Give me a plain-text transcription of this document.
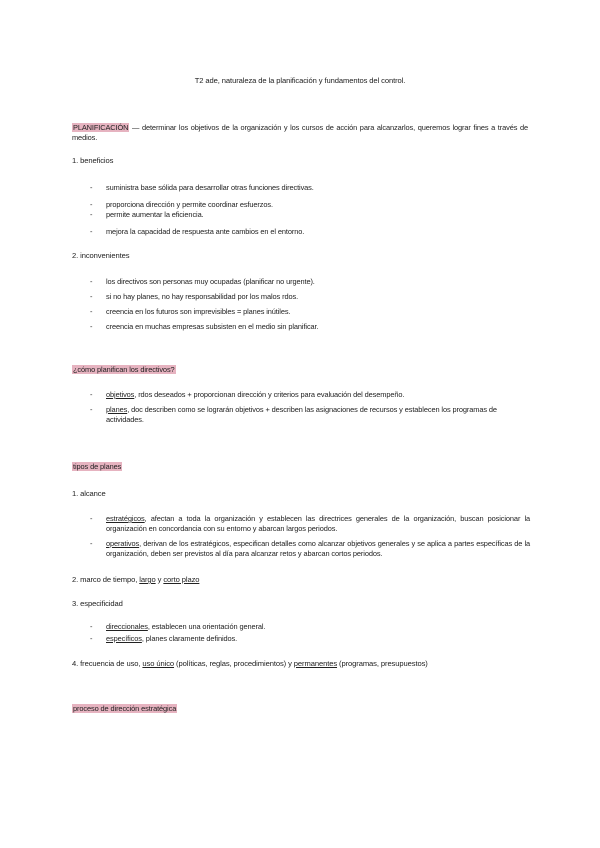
T2 ade, naturaleza de la planificación y fundamentos del control.
PLANIFICACIÓN — determinar los objetivos de la organización y los cursos de acción para alcanzarlos, queremos lograr fines a través de medios.
1. beneficios
- suministra base sólida para desarrollar otras funciones directivas.
- proporciona dirección y permite coordinar esfuerzos.
- permite aumentar la eficiencia.
- mejora la capacidad de respuesta ante cambios en el entorno.
2. inconvenientes
- los directivos son personas muy ocupadas (planificar no urgente).
- si no hay planes, no hay responsabilidad por los malos rdos.
- creencia en los futuros son imprevisibles = planes inútiles.
- creencia en muchas empresas subsisten en el medio sin planificar.
¿cómo planifican los directivos?
- objetivos, rdos deseados + proporcionan dirección y criterios para evaluación del desempeño.
- planes, doc describen como se lograrán objetivos + describen las asignaciones de recursos y establecen los programas de actividades.
tipos de planes
1. alcance
- estratégicos, afectan a toda la organización y establecen las directrices generales de la organización, buscan posicionar la organización en concordancia con su entorno y abarcan largos periodos.
- operativos, derivan de los estratégicos, especifican detalles como alcanzar objetivos generales y se aplica a partes específicas de la organización, deben ser previstos al día para alcanzar retos y abarcan cortos periodos.
2. marco de tiempo, largo y corto plazo
3. especificidad
- direccionales, establecen una orientación general.
- específicos, planes claramente definidos.
4. frecuencia de uso, uso único (políticas, reglas, procedimientos) y permanentes (programas, presupuestos)
proceso de dirección estratégica
